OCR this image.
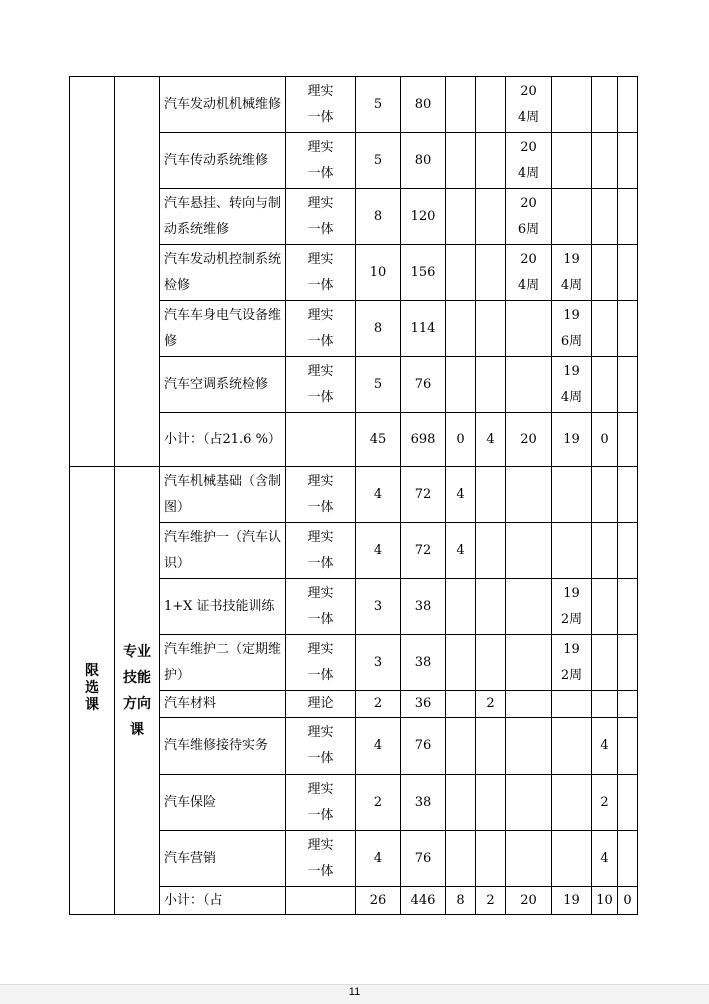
		汽车发动机机械维修	理实一体	5	80			204周			
		汽车传动系统维修	理实一体	5	80			204周			
		汽车悬挂、转向与制动系统维修	理实一体	8	120			206周			
		汽车发动机控制系统检修	理实一体	10	156			204周	194周		
		汽车车身电气设备维修	理实一体	8	114				196周		
		汽车空调系统检修	理实一体	5	76				194周		
		小计：（占21.6 %）		45	698	0	4	20	19	0	
限选课	专业技能方向课	汽车机械基础（含制图）	理实一体	4	72	4					
		汽车维护一（汽车认识）	理实一体	4	72	4					
		1+X 证书技能训练	理实一体	3	38				192周		
		汽车维护二（定期维护）	理实一体	3	38				192周		
		汽车材料	理论	2	36		2				
		汽车维修接待实务	理实一体	4	76					4	
		汽车保险	理实一体	2	38					2	
		汽车营销	理实一体	4	76					4	
		小计：（占		26	446	8	2	20	19	10	0
11
